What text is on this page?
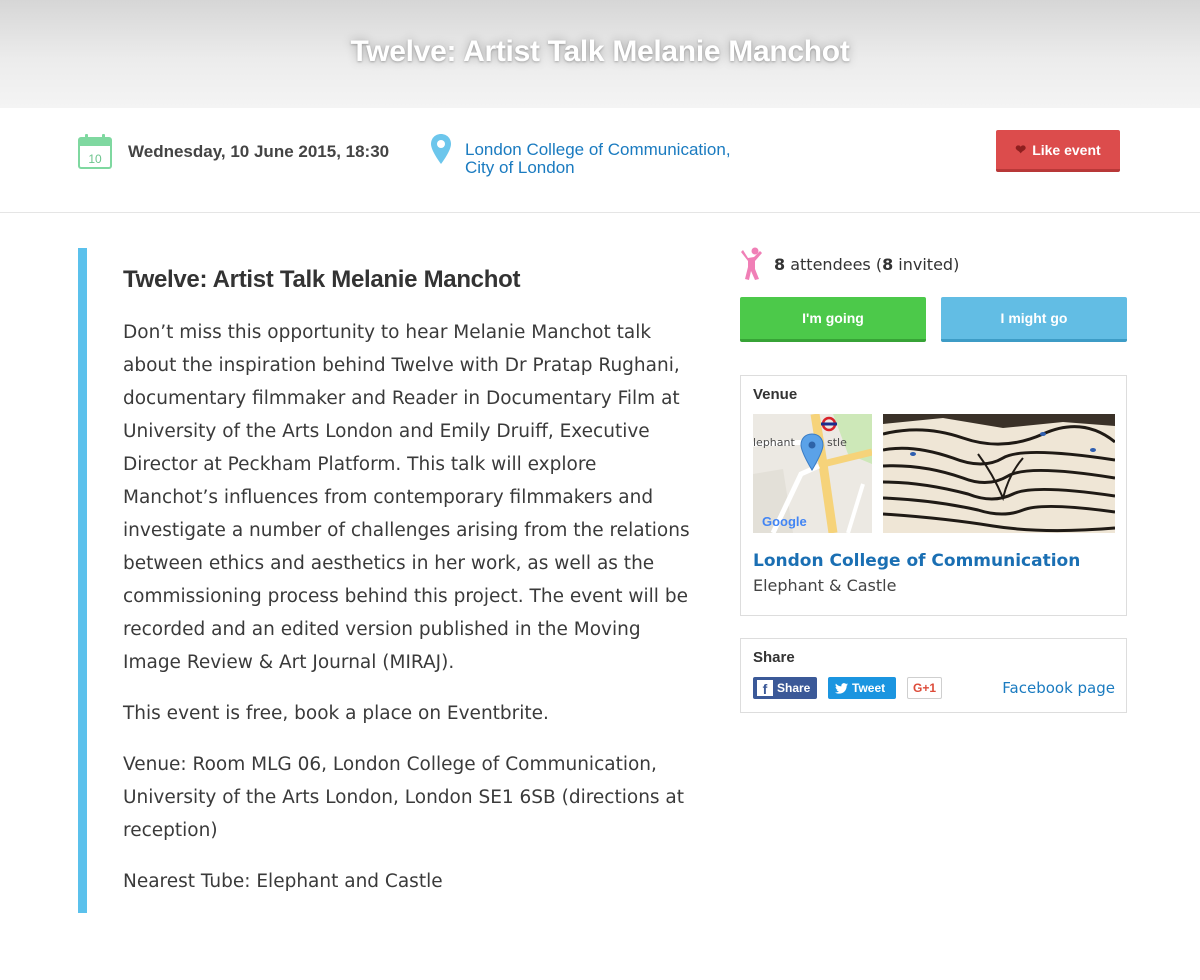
Twelve: Artist Talk Melanie Manchot
10 Wednesday, 10 June 2015, 18:30	London College of Communication,
City of London
❤ Like event
Twelve: Artist Talk Melanie Manchot

Don’t miss this opportunity to hear Melanie Manchot talk about the inspiration behind Twelve with Dr Pratap Rughani, documentary filmmaker and Reader in Documentary Film at University of the Arts London and Emily Druiff, Executive Director at Peckham Platform. This talk will explore Manchot’s influences from contemporary filmmakers and investigate a number of challenges arising from the relations between ethics and aesthetics in her work, as well as the commissioning process behind this project. The event will be recorded and an edited version published in the Moving Image Review & Art Journal (MIRAJ).

This event is free, book a place on Eventbrite.

Venue: Room MLG 06, London College of Communication, University of the Arts London, London SE1 6SB (directions at reception)

Nearest Tube: Elephant and Castle

8 attendees (8 invited)
I'm going	I might go
Venue
lephant	stle
Google
London College of Communication
Elephant & Castle
Share
f Share	Tweet	G+1	Facebook page
